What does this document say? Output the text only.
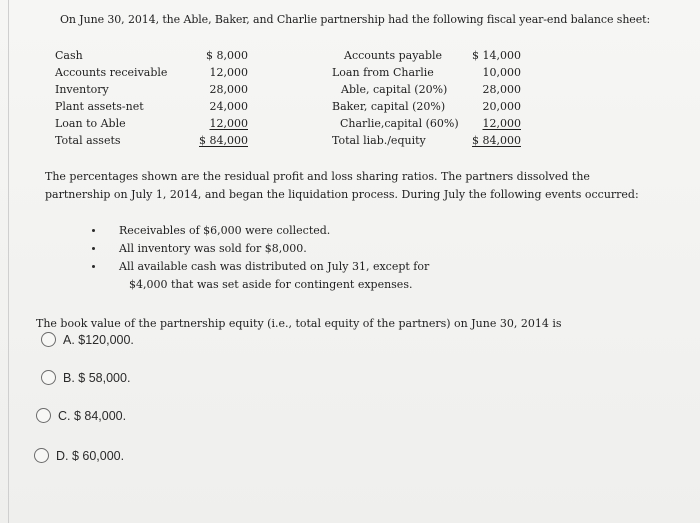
On June 30, 2014, the Able, Baker, and Charlie partnership had the following fiscal year-end balance sheet:
Cash
Accounts receivable
Inventory
Plant assets-net
Loan to Able
Total assets
$ 8,000
12,000
28,000
24,000
12,000
$ 84,000
Accounts payable
Loan from Charlie
Able, capital (20%)
Baker, capital (20%)
Charlie,capital (60%)
Total liab./equity
$ 14,000
10,000
28,000
20,000
12,000
$ 84,000
The percentages shown are the residual profit and loss sharing ratios. The partners dissolved the partnership on July 1, 2014, and began the liquidation process. During July the following events occurred:
Receivables of $6,000 were collected.
All inventory was sold for $8,000.
All available cash was distributed on July 31, except for
$4,000 that was set aside for contingent expenses.
The book value of the partnership equity (i.e., total equity of the partners) on June 30, 2014 is
A. $120,000.
B. $ 58,000.
C. $ 84,000.
D. $ 60,000.
